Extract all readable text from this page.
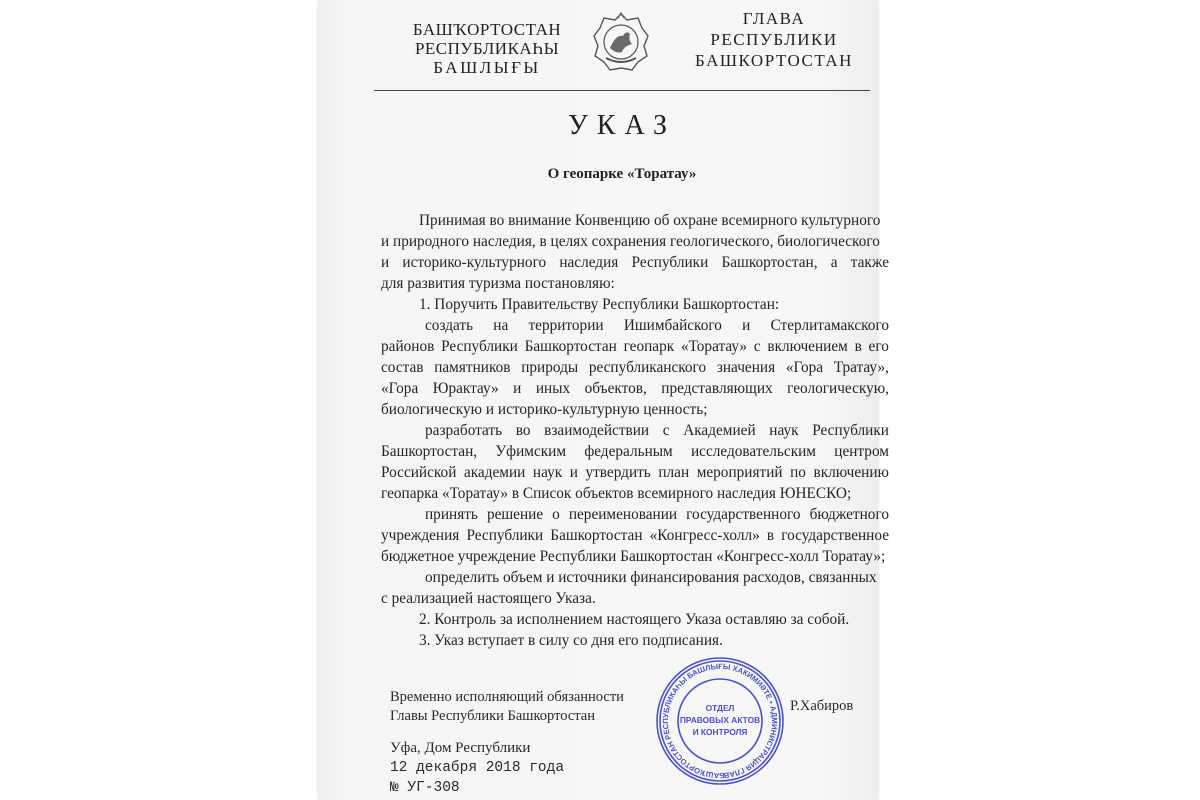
БАШҠОРТОСТАН
РЕСПУБЛИКАҺЫ
БАШЛЫҒЫ
ГЛАВА
РЕСПУБЛИКИ
БАШКОРТОСТАН
УКАЗ
О геопарке «Торатау»
Принимая во внимание Конвенцию об охране всемирного культурного
и природного наследия, в целях сохранения геологического, биологического
и историко-культурного наследия Республики Башкортостан, а также
для развития туризма постановляю:
1. Поручить Правительству Республики Башкортостан:
создать на территории Ишимбайского и Стерлитамакского
районов Республики Башкортостан геопарк «Торатау» с включением в его
состав памятников природы республиканского значения «Гора Тратау»,
«Гора Юрактау» и иных объектов, представляющих геологическую,
биологическую и историко-культурную ценность;
разработать во взаимодействии с Академией наук Республики
Башкортостан, Уфимским федеральным исследовательским центром
Российской академии наук и утвердить план мероприятий по включению
геопарка «Торатау» в Список объектов всемирного наследия ЮНЕСКО;
принять решение о переименовании государственного бюджетного
учреждения Республики Башкортостан «Конгресс-холл» в государственное
бюджетное учреждение Республики Башкортостан «Конгресс-холл Торатау»;
определить объем и источники финансирования расходов, связанных
с реализацией настоящего Указа.
2. Контроль за исполнением настоящего Указа оставляю за собой.
3. Указ вступает в силу со дня его подписания.
Временно исполняющий обязанности
Главы Республики Башкортостан
Р.Хабиров
Уфа, Дом Республики
12 декабря 2018 года
№ УГ-308
БАШҠОРТОСТАН РЕСПУБЛИКАҺЫ БАШЛЫҒЫ ХАКИМИӘТЕ • АДМИНИСТРАЦИЯ ГЛАВЫ
ОТДЕЛ
ПРАВОВЫХ АКТОВ
И КОНТРОЛЯ
